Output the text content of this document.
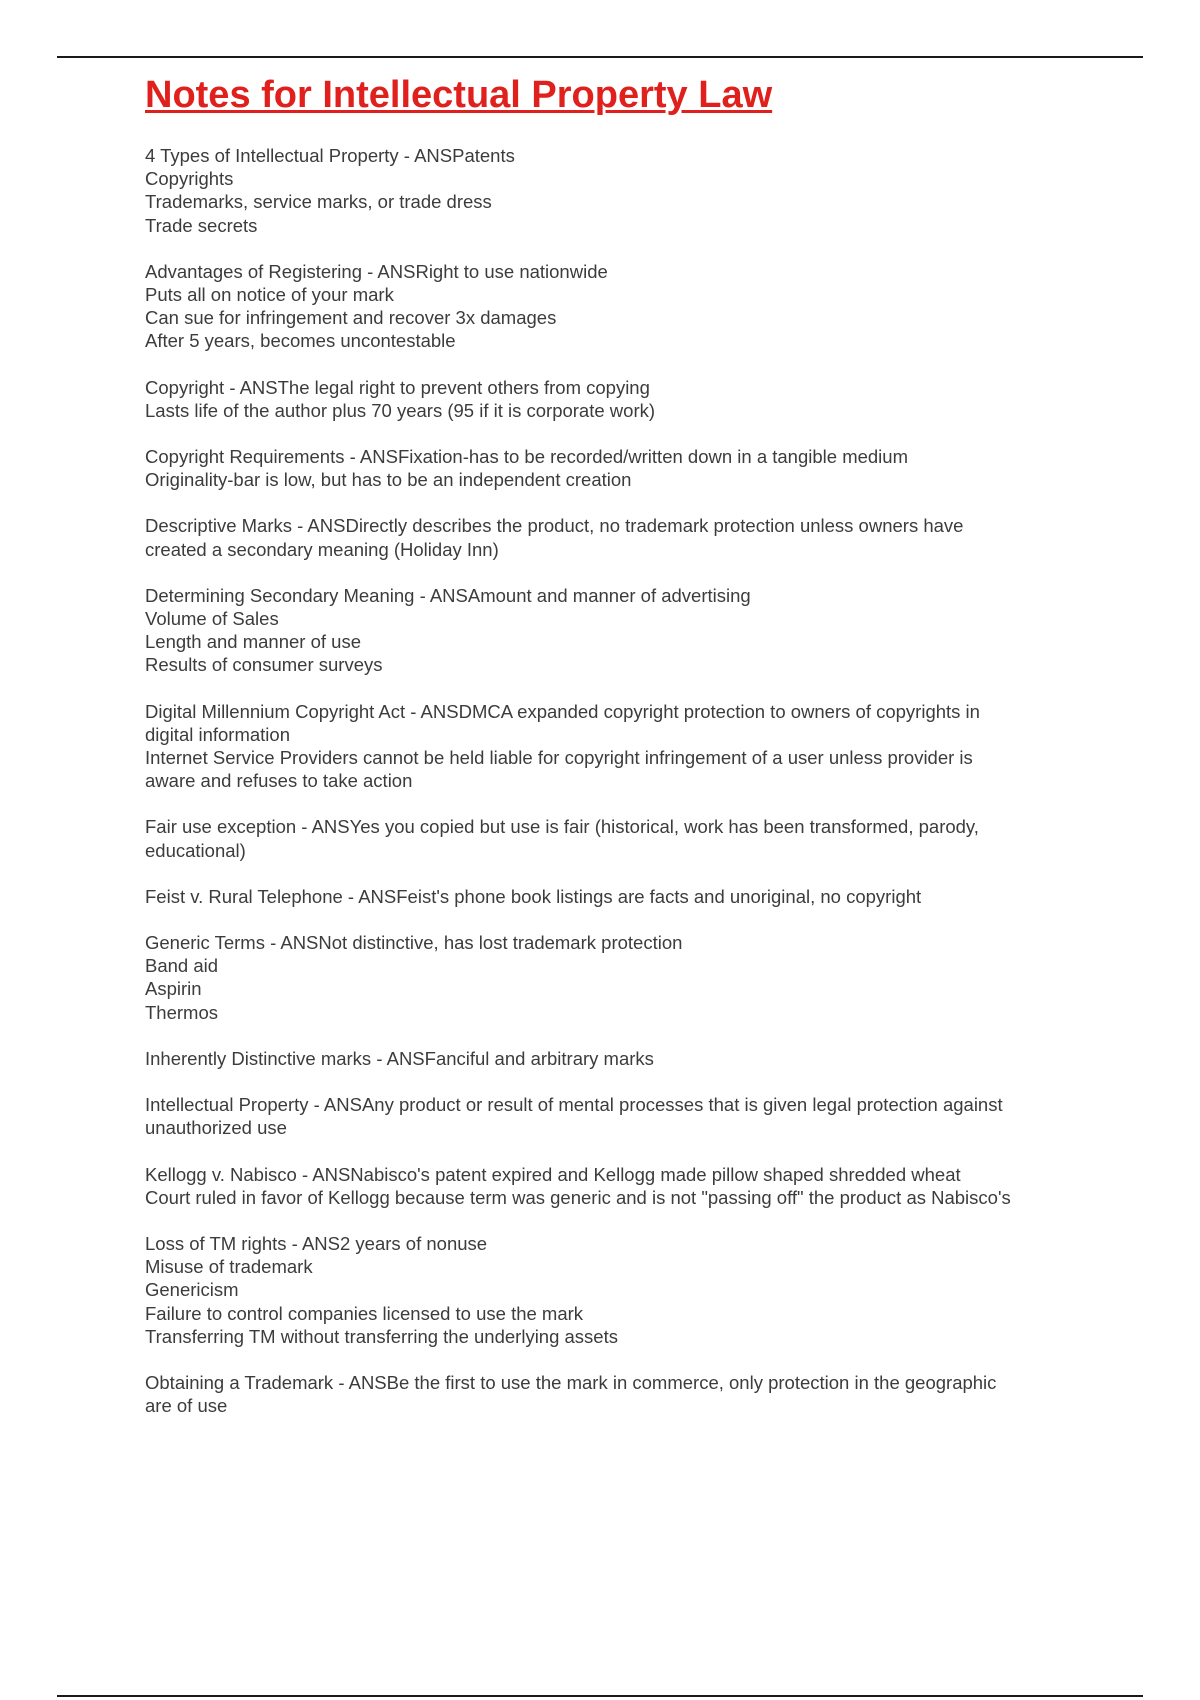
Notes for Intellectual Property Law
4 Types of Intellectual Property - ANSPatents
Copyrights
Trademarks, service marks, or trade dress
Trade secrets
Advantages of Registering - ANSRight to use nationwide
Puts all on notice of your mark
Can sue for infringement and recover 3x damages
After 5 years, becomes uncontestable
Copyright - ANSThe legal right to prevent others from copying
Lasts life of the author plus 70 years (95 if it is corporate work)
Copyright Requirements - ANSFixation-has to be recorded/written down in a tangible medium
Originality-bar is low, but has to be an independent creation
Descriptive Marks - ANSDirectly describes the product, no trademark protection unless owners have
created a secondary meaning (Holiday Inn)
Determining Secondary Meaning - ANSAmount and manner of advertising
Volume of Sales
Length and manner of use
Results of consumer surveys
Digital Millennium Copyright Act - ANSDMCA expanded copyright protection to owners of copyrights in
digital information
Internet Service Providers cannot be held liable for copyright infringement of a user unless provider is
aware and refuses to take action
Fair use exception - ANSYes you copied but use is fair (historical, work has been transformed, parody,
educational)
Feist v. Rural Telephone - ANSFeist's phone book listings are facts and unoriginal, no copyright
Generic Terms - ANSNot distinctive, has lost trademark protection
Band aid
Aspirin
Thermos
Inherently Distinctive marks - ANSFanciful and arbitrary marks
Intellectual Property - ANSAny product or result of mental processes that is given legal protection against
unauthorized use
Kellogg v. Nabisco - ANSNabisco's patent expired and Kellogg made pillow shaped shredded wheat
Court ruled in favor of Kellogg because term was generic and is not "passing off" the product as Nabisco's
Loss of TM rights - ANS2 years of nonuse
Misuse of trademark
Genericism
Failure to control companies licensed to use the mark
Transferring TM without transferring the underlying assets
Obtaining a Trademark - ANSBe the first to use the mark in commerce, only protection in the geographic
are of use
